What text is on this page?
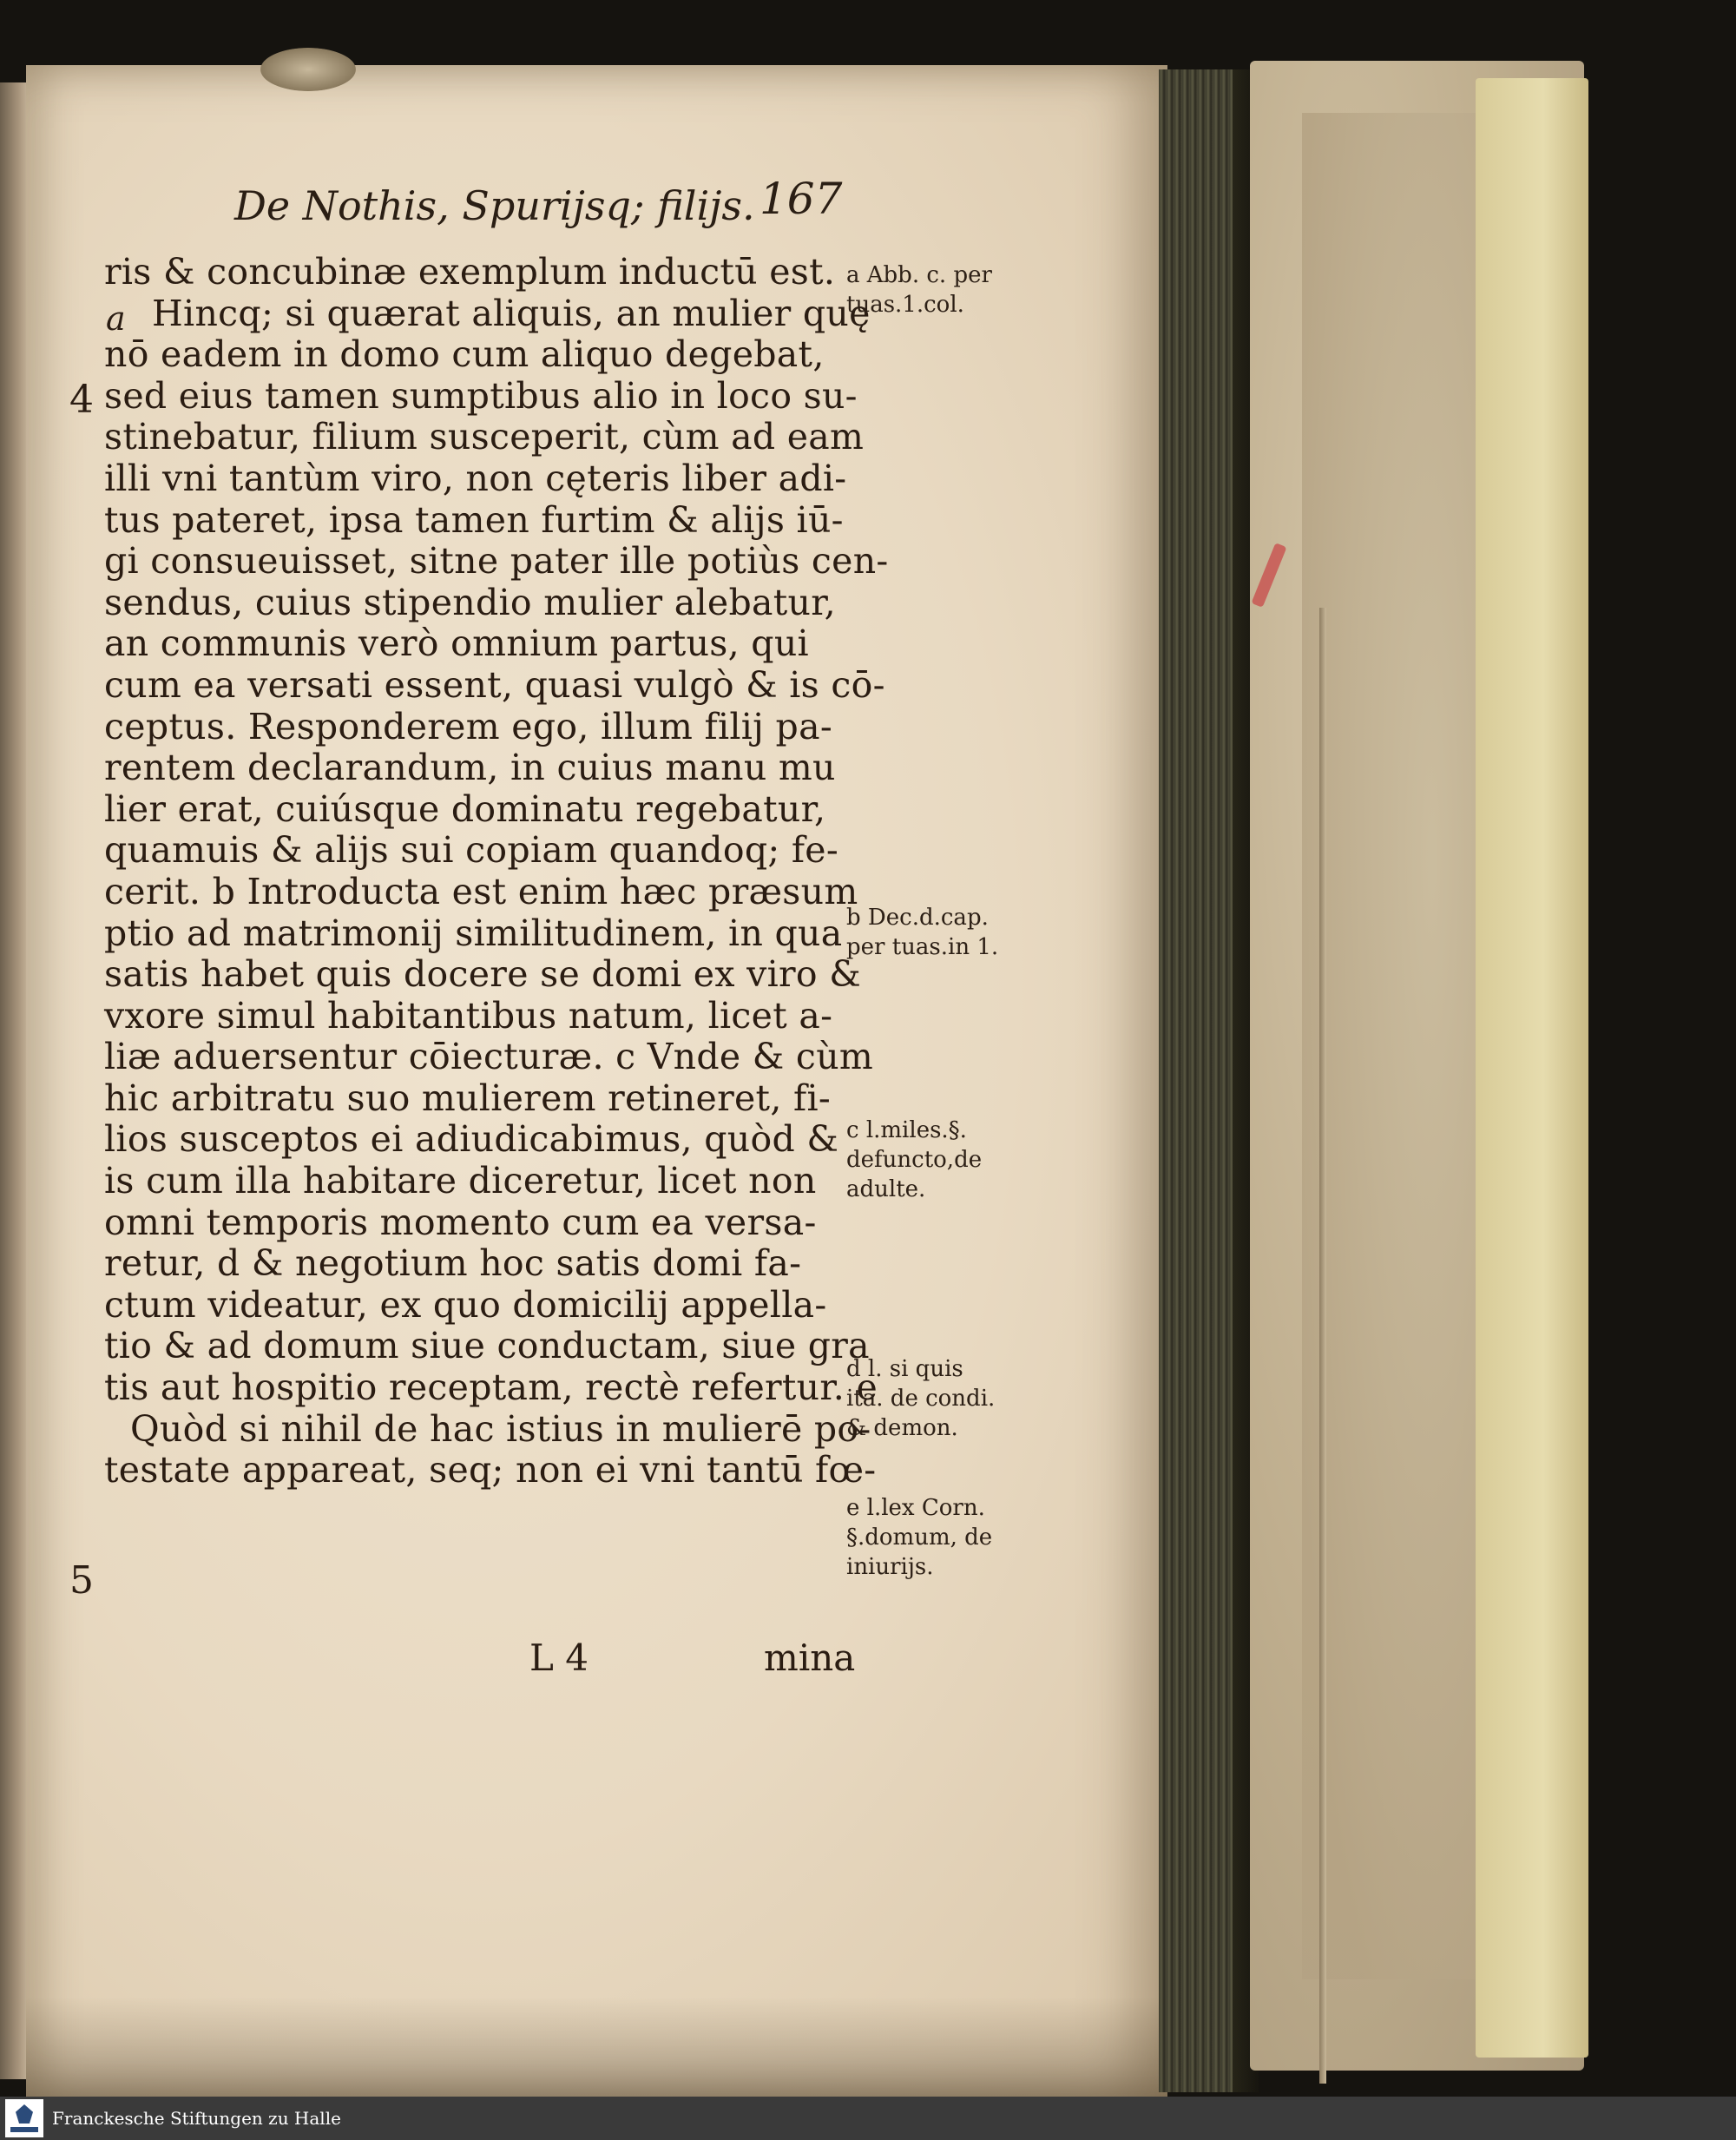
De Nothis, Spurijsq; filijs. 167
a
4
5
ris & concubinæ exemplum inductū est.
Hincq; si quærat aliquis, an mulier quę
nō eadem in domo cum aliquo degebat,
sed eius tamen sumptibus alio in loco su-
stinebatur, filium susceperit, cùm ad eam
illi vni tantùm viro, non cęteris liber adi-
tus pateret, ipsa tamen furtim & alijs iū-
gi consueuisset, sitne pater ille potiùs cen-
sendus, cuius stipendio mulier alebatur,
an communis verò omnium partus, qui
cum ea versati essent, quasi vulgò & is cō-
ceptus. Responderem ego, illum filij pa-
rentem declarandum, in cuius manu mu
lier erat, cuiúsque dominatu regebatur,
quamuis & alijs sui copiam quandoq; fe-
cerit. b Introducta est enim hæc præsum
ptio ad matrimonij similitudinem, in qua
satis habet quis docere se domi ex viro &
vxore simul habitantibus natum, licet a-
liæ aduersentur cōiecturæ. c Vnde & cùm
hic arbitratu suo mulierem retineret, fi-
lios susceptos ei adiudicabimus, quòd &
is cum illa habitare diceretur, licet non
omni temporis momento cum ea versa-
retur, d & negotium hoc satis domi fa-
ctum videatur, ex quo domicilij appella-
tio & ad domum siue conductam, siue gra
tis aut hospitio receptam, rectè refertur. e
Quòd si nihil de hac istius in mulierē po-
testate appareat, seq; non ei vni tantū fœ-
a Abb. c. per
tuas.1.col.
b Dec.d.cap.
per tuas.in 1.
c l.miles.§.
defuncto,de
adulte.
d l. si quis
ita. de condi.
& demon.
e l.lex Corn.
§.domum, de
iniurijs.
L 4	mina
Franckesche Stiftungen zu Halle
